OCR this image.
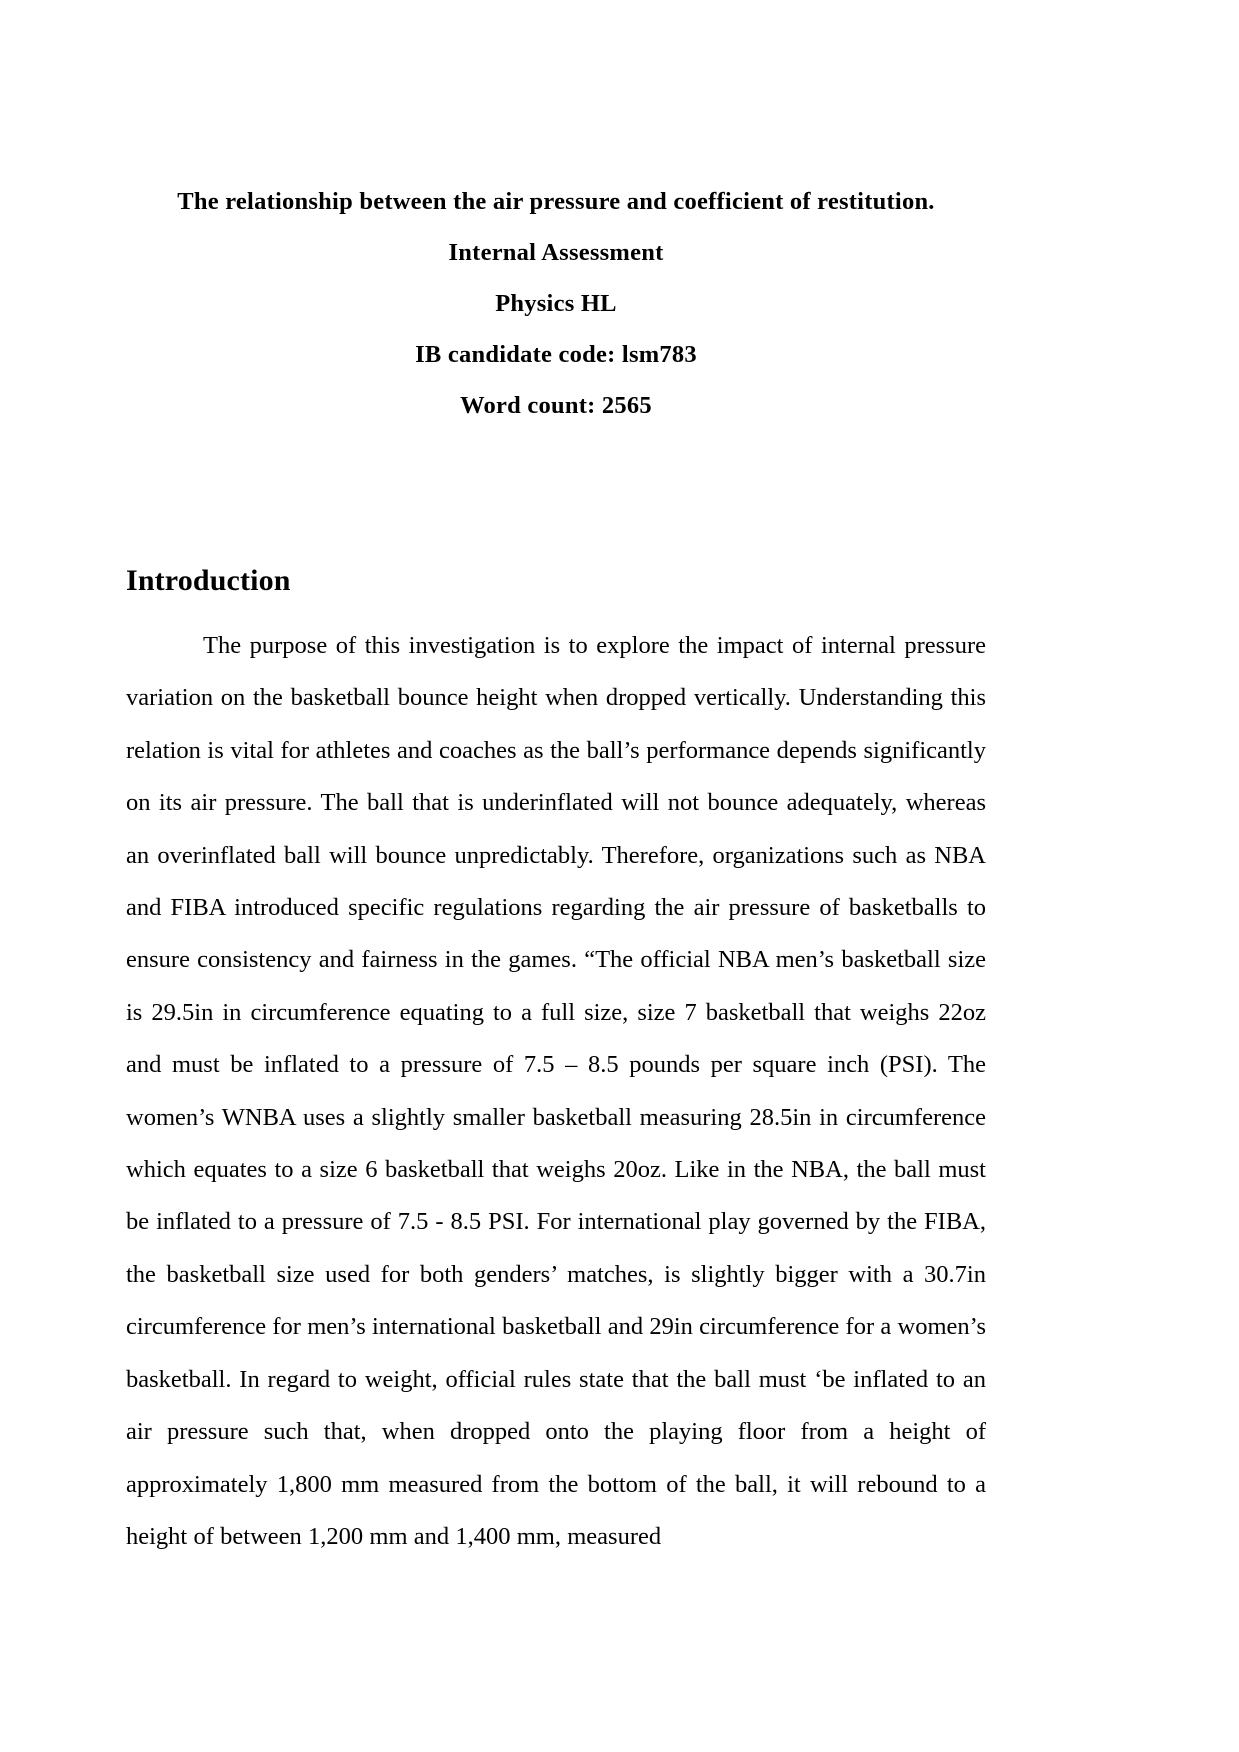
The relationship between the air pressure and coefficient of restitution.

Internal Assessment

Physics HL

IB candidate code: lsm783

Word count: 2565

Introduction

The purpose of this investigation is to explore the impact of internal pressure variation on the basketball bounce height when dropped vertically. Understanding this relation is vital for athletes and coaches as the ball’s performance depends significantly on its air pressure. The ball that is underinflated will not bounce adequately, whereas an overinflated ball will bounce unpredictably. Therefore, organizations such as NBA and FIBA introduced specific regulations regarding the air pressure of basketballs to ensure consistency and fairness in the games. “The official NBA men’s basketball size is 29.5in in circumference equating to a full size, size 7 basketball that weighs 22oz and must be inflated to a pressure of 7.5 – 8.5 pounds per square inch (PSI). The women’s WNBA uses a slightly smaller basketball measuring 28.5in in circumference which equates to a size 6 basketball that weighs 20oz. Like in the NBA, the ball must be inflated to a pressure of 7.5 - 8.5 PSI. For international play governed by the FIBA, the basketball size used for both genders’ matches, is slightly bigger with a 30.7in circumference for men’s international basketball and 29in circumference for a women’s basketball. In regard to weight, official rules state that the ball must ‘be inflated to an air pressure such that, when dropped onto the playing floor from a height of approximately 1,800 mm measured from the bottom of the ball, it will rebound to a height of between 1,200 mm and 1,400 mm, measured
